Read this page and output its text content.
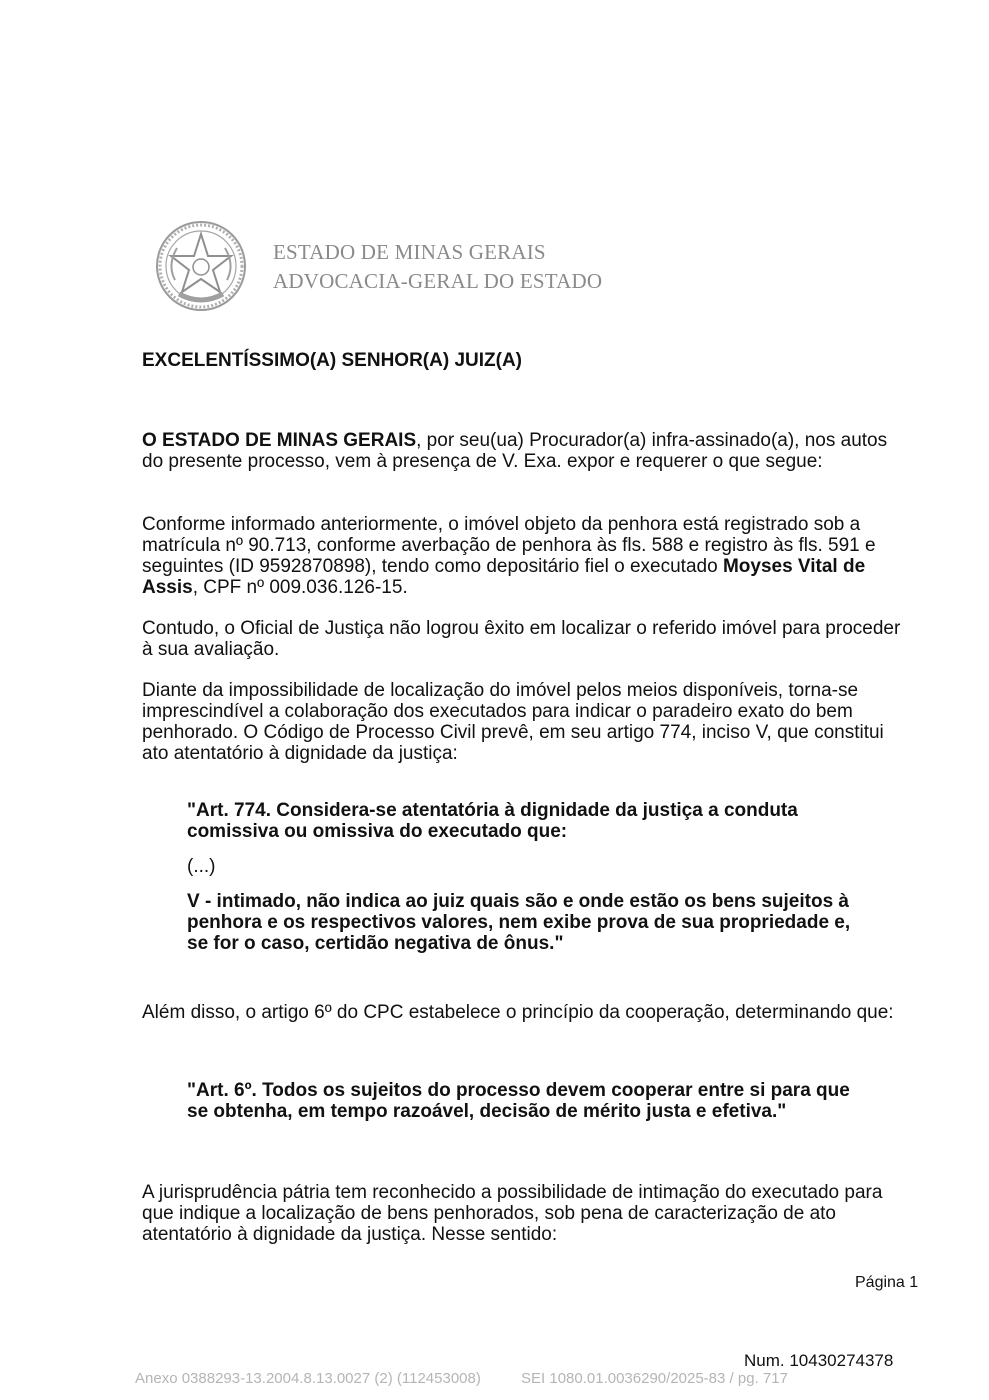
ESTADO DE MINAS GERAIS
ADVOCACIA-GERAL DO ESTADO
EXCELENTÍSSIMO(A) SENHOR(A) JUIZ(A)

O ESTADO DE MINAS GERAIS, por seu(ua) Procurador(a) infra-assinado(a), nos autos do presente processo, vem à presença de V. Exa. expor e requerer o que segue:

Conforme informado anteriormente, o imóvel objeto da penhora está registrado sob a matrícula nº 90.713, conforme averbação de penhora às fls. 588 e registro às fls. 591 e seguintes (ID 9592870898), tendo como depositário fiel o executado Moyses Vital de Assis, CPF nº 009.036.126-15.

Contudo, o Oficial de Justiça não logrou êxito em localizar o referido imóvel para proceder à sua avaliação.

Diante da impossibilidade de localização do imóvel pelos meios disponíveis, torna-se imprescindível a colaboração dos executados para indicar o paradeiro exato do bem penhorado. O Código de Processo Civil prevê, em seu artigo 774, inciso V, que constitui ato atentatório à dignidade da justiça:

"Art. 774. Considera-se atentatória à dignidade da justiça a conduta comissiva ou omissiva do executado que:

(...)

V - intimado, não indica ao juiz quais são e onde estão os bens sujeitos à penhora e os respectivos valores, nem exibe prova de sua propriedade e, se for o caso, certidão negativa de ônus."

Além disso, o artigo 6º do CPC estabelece o princípio da cooperação, determinando que:

"Art. 6º. Todos os sujeitos do processo devem cooperar entre si para que se obtenha, em tempo razoável, decisão de mérito justa e efetiva."

A jurisprudência pátria tem reconhecido a possibilidade de intimação do executado para que indique a localização de bens penhorados, sob pena de caracterização de ato atentatório à dignidade da justiça. Nesse sentido:

Página 1
Num. 10430274378
Anexo 0388293-13.2004.8.13.0027 (2) (112453008)	SEI 1080.01.0036290/2025-83 / pg. 717
